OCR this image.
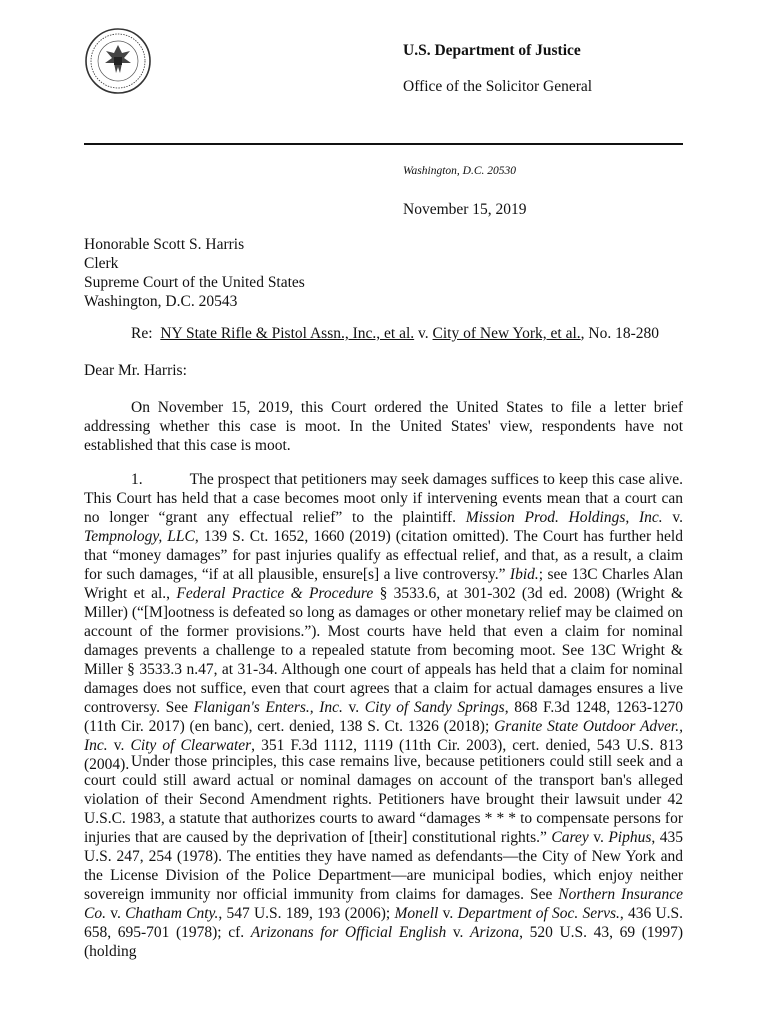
U.S. Department of Justice

Office of the Solicitor General

Washington, D.C. 20530
November 15, 2019
Honorable Scott S. Harris
Clerk
Supreme Court of the United States
Washington, D.C. 20543
Re: NY State Rifle & Pistol Assn., Inc., et al. v. City of New York, et al., No. 18-280
Dear Mr. Harris:

On November 15, 2019, this Court ordered the United States to file a letter brief addressing whether this case is moot. In the United States' view, respondents have not established that this case is moot.

1.	The prospect that petitioners may seek damages suffices to keep this case alive. This Court has held that a case becomes moot only if intervening events mean that a court can no longer “grant any effectual relief” to the plaintiff. Mission Prod. Holdings, Inc. v. Tempnology, LLC, 139 S. Ct. 1652, 1660 (2019) (citation omitted). The Court has further held that “money damages” for past injuries qualify as effectual relief, and that, as a result, a claim for such damages, “if at all plausible, ensure[s] a live controversy.” Ibid.; see 13C Charles Alan Wright et al., Federal Practice & Procedure § 3533.6, at 301-302 (3d ed. 2008) (Wright & Miller) (“[M]ootness is defeated so long as damages or other monetary relief may be claimed on account of the former provisions.”). Most courts have held that even a claim for nominal damages prevents a challenge to a repealed statute from becoming moot. See 13C Wright & Miller § 3533.3 n.47, at 31-34. Although one court of appeals has held that a claim for nominal damages does not suffice, even that court agrees that a claim for actual damages ensures a live controversy. See Flanigan's Enters., Inc. v. City of Sandy Springs, 868 F.3d 1248, 1263-1270 (11th Cir. 2017) (en banc), cert. denied, 138 S. Ct. 1326 (2018); Granite State Outdoor Adver., Inc. v. City of Clearwater, 351 F.3d 1112, 1119 (11th Cir. 2003), cert. denied, 543 U.S. 813 (2004). Under those principles, this case remains live, because petitioners could still seek and a court could still award actual or nominal damages on account of the transport ban's alleged violation of their Second Amendment rights. Petitioners have brought their lawsuit under 42 U.S.C. 1983, a statute that authorizes courts to award “damages * * * to compensate persons for injuries that are caused by the deprivation of [their] constitutional rights.” Carey v. Piphus, 435 U.S. 247, 254 (1978). The entities they have named as defendants—the City of New York and the License Division of the Police Department—are municipal bodies, which enjoy neither sovereign immunity nor official immunity from claims for damages. See Northern Insurance Co. v. Chatham Cnty., 547 U.S. 189, 193 (2006); Monell v. Department of Soc. Servs., 436 U.S. 658, 695-701 (1978); cf. Arizonans for Official English v. Arizona, 520 U.S. 43, 69 (1997) (holding
